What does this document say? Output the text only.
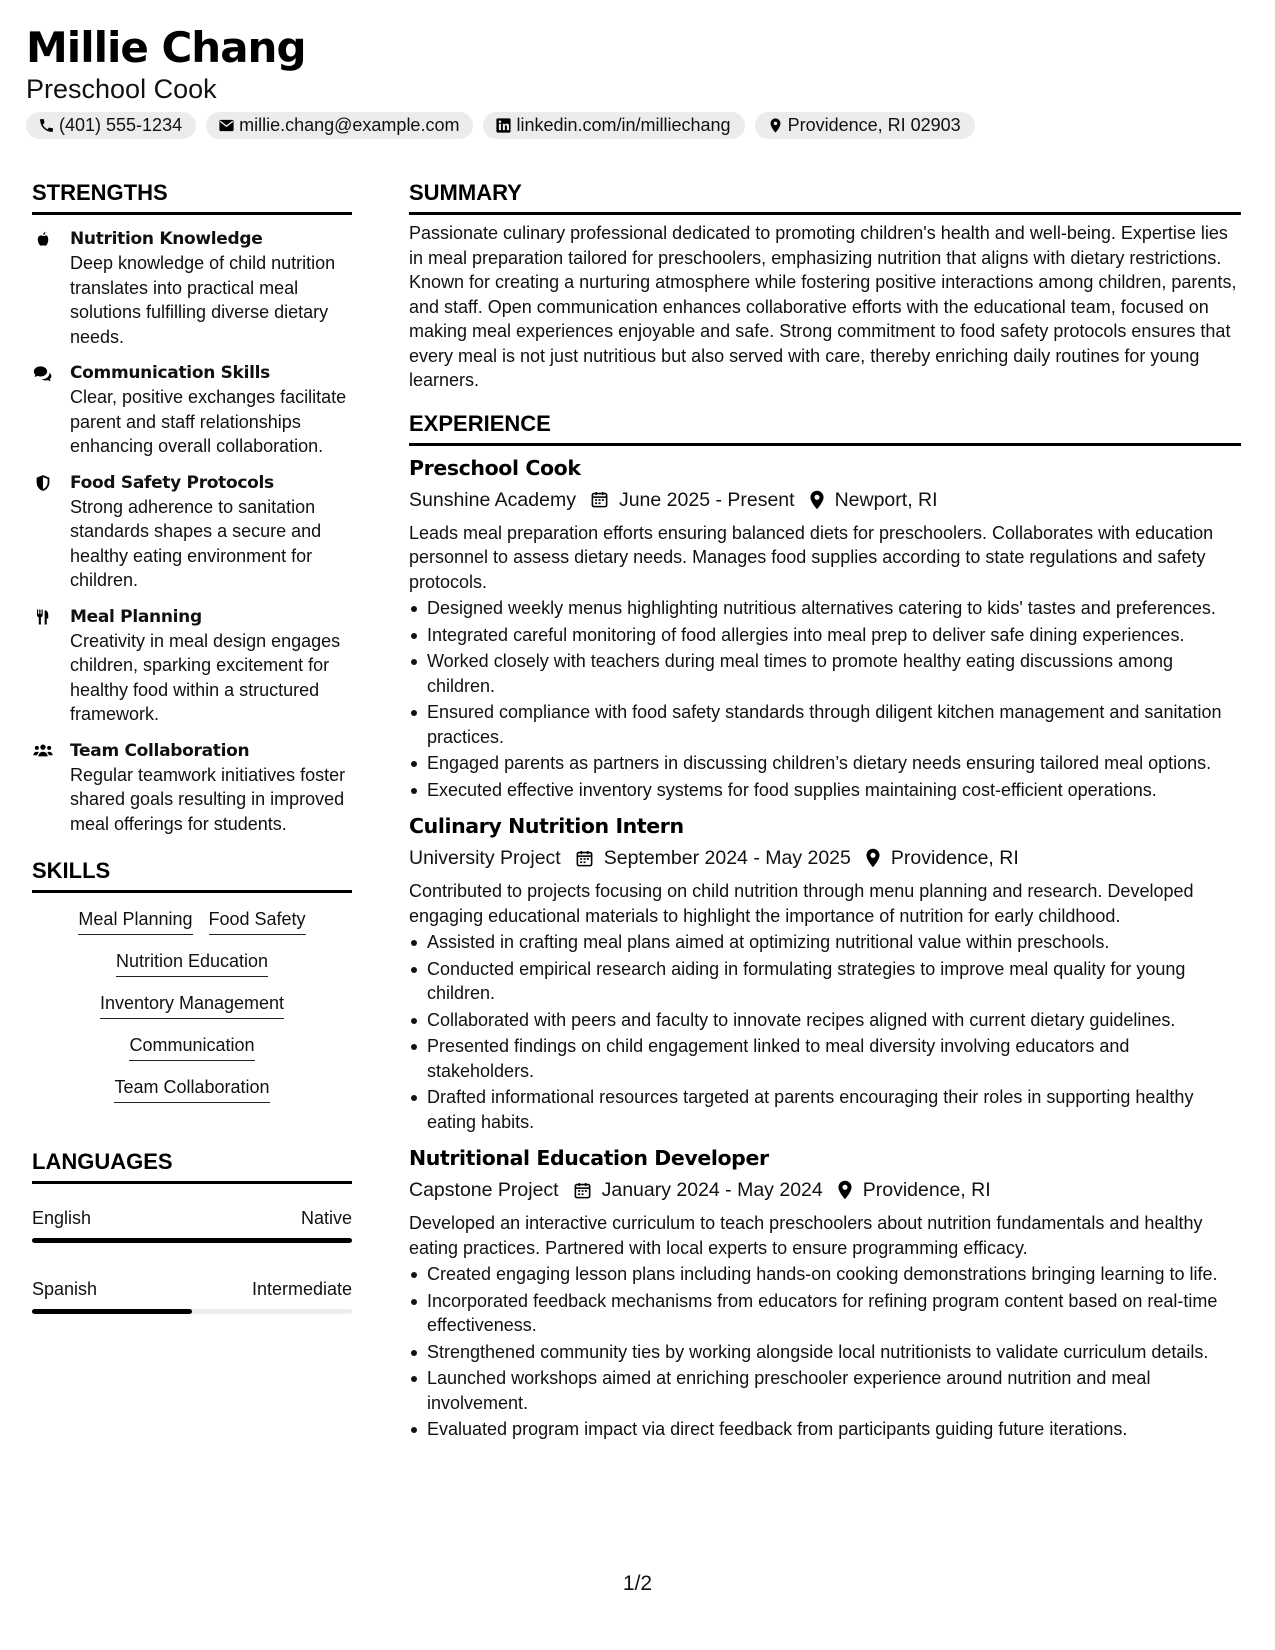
Millie Chang
Preschool Cook
(401) 555-1234	millie.chang@example.com	linkedin.com/in/milliechang	Providence, RI 02903
STRENGTHS
Nutrition Knowledge
Deep knowledge of child nutrition translates into practical meal solutions fulfilling diverse dietary needs.
Communication Skills
Clear, positive exchanges facilitate parent and staff relationships enhancing overall collaboration.
Food Safety Protocols
Strong adherence to sanitation standards shapes a secure and healthy eating environment for children.
Meal Planning
Creativity in meal design engages children, sparking excitement for healthy food within a structured framework.
Team Collaboration
Regular teamwork initiatives foster shared goals resulting in improved meal offerings for students.
SKILLS
Meal Planning Food Safety
Nutrition Education
Inventory Management
Communication
Team Collaboration
LANGUAGES
English	Native
Spanish	Intermediate
SUMMARY
Passionate culinary professional dedicated to promoting children's health and well-being. Expertise lies in meal preparation tailored for preschoolers, emphasizing nutrition that aligns with dietary restrictions. Known for creating a nurturing atmosphere while fostering positive interactions among children, parents, and staff. Open communication enhances collaborative efforts with the educational team, focused on making meal experiences enjoyable and safe. Strong commitment to food safety protocols ensures that every meal is not just nutritious but also served with care, thereby enriching daily routines for young learners.
EXPERIENCE
Preschool Cook
Sunshine Academy June 2025 - Present Newport, RI
Leads meal preparation efforts ensuring balanced diets for preschoolers. Collaborates with education personnel to assess dietary needs. Manages food supplies according to state regulations and safety protocols.
Designed weekly menus highlighting nutritious alternatives catering to kids' tastes and preferences.
Integrated careful monitoring of food allergies into meal prep to deliver safe dining experiences.
Worked closely with teachers during meal times to promote healthy eating discussions among children.
Ensured compliance with food safety standards through diligent kitchen management and sanitation practices.
Engaged parents as partners in discussing children’s dietary needs ensuring tailored meal options.
Executed effective inventory systems for food supplies maintaining cost-efficient operations.
Culinary Nutrition Intern
University Project September 2024 - May 2025 Providence, RI
Contributed to projects focusing on child nutrition through menu planning and research. Developed engaging educational materials to highlight the importance of nutrition for early childhood.
Assisted in crafting meal plans aimed at optimizing nutritional value within preschools.
Conducted empirical research aiding in formulating strategies to improve meal quality for young children.
Collaborated with peers and faculty to innovate recipes aligned with current dietary guidelines.
Presented findings on child engagement linked to meal diversity involving educators and stakeholders.
Drafted informational resources targeted at parents encouraging their roles in supporting healthy eating habits.
Nutritional Education Developer
Capstone Project January 2024 - May 2024 Providence, RI
Developed an interactive curriculum to teach preschoolers about nutrition fundamentals and healthy eating practices. Partnered with local experts to ensure programming efficacy.
Created engaging lesson plans including hands-on cooking demonstrations bringing learning to life.
Incorporated feedback mechanisms from educators for refining program content based on real-time effectiveness.
Strengthened community ties by working alongside local nutritionists to validate curriculum details.
Launched workshops aimed at enriching preschooler experience around nutrition and meal involvement.
Evaluated program impact via direct feedback from participants guiding future iterations.
1/2
